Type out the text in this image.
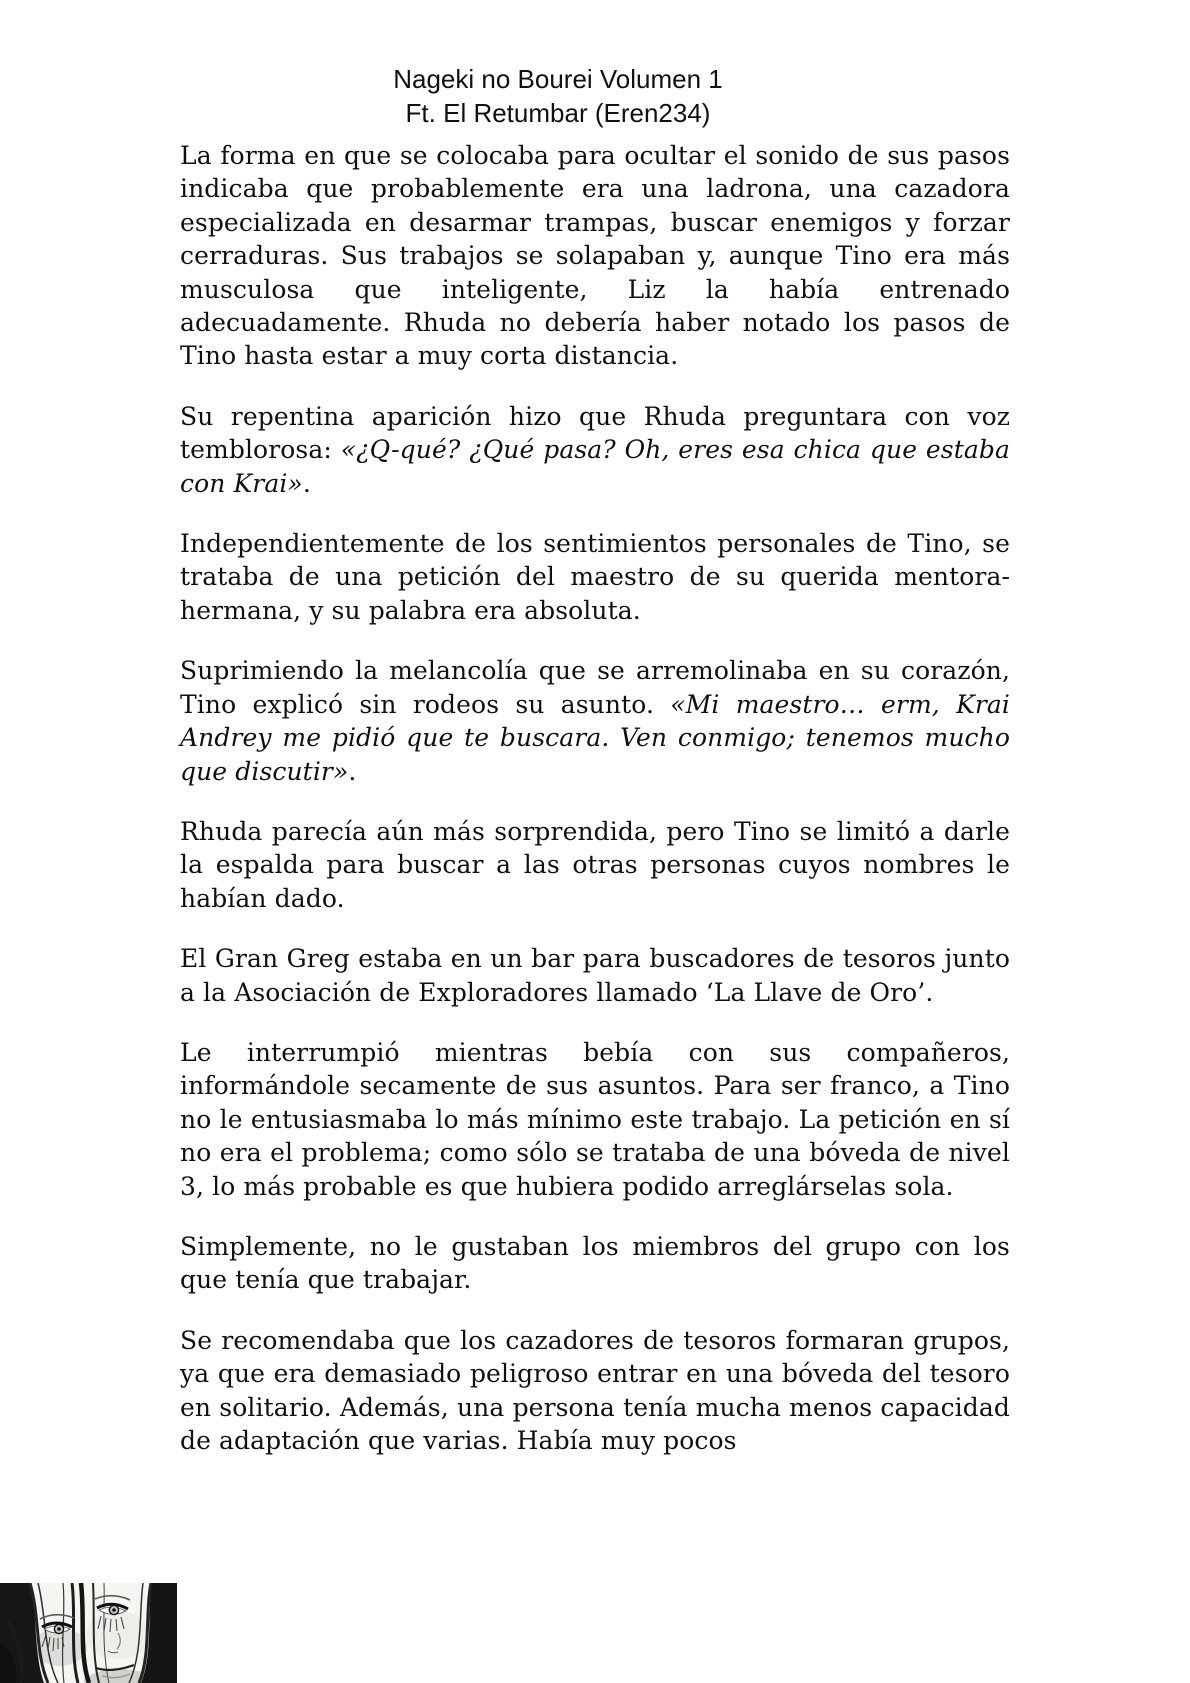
Nageki no Bourei Volumen 1
Ft. El Retumbar (Eren234)

La forma en que se colocaba para ocultar el sonido de sus pasos indicaba que probablemente era una ladrona, una cazadora especializada en desarmar trampas, buscar enemigos y forzar cerraduras. Sus trabajos se solapaban y, aunque Tino era más musculosa que inteligente, Liz la había entrenado adecuadamente. Rhuda no debería haber notado los pasos de Tino hasta estar a muy corta distancia.

Su repentina aparición hizo que Rhuda preguntara con voz temblorosa: «¿Q-qué? ¿Qué pasa? Oh, eres esa chica que estaba con Krai».

Independientemente de los sentimientos personales de Tino, se trataba de una petición del maestro de su querida mentora-hermana, y su palabra era absoluta.

Suprimiendo la melancolía que se arremolinaba en su corazón, Tino explicó sin rodeos su asunto. «Mi maestro… erm, Krai Andrey me pidió que te buscara. Ven conmigo; tenemos mucho que discutir».

Rhuda parecía aún más sorprendida, pero Tino se limitó a darle la espalda para buscar a las otras personas cuyos nombres le habían dado.

El Gran Greg estaba en un bar para buscadores de tesoros junto a la Asociación de Exploradores llamado ‘La Llave de Oro’.

Le interrumpió mientras bebía con sus compañeros, informándole secamente de sus asuntos. Para ser franco, a Tino no le entusiasmaba lo más mínimo este trabajo. La petición en sí no era el problema; como sólo se trataba de una bóveda de nivel 3, lo más probable es que hubiera podido arreglárselas sola.

Simplemente, no le gustaban los miembros del grupo con los que tenía que trabajar.

Se recomendaba que los cazadores de tesoros formaran grupos, ya que era demasiado peligroso entrar en una bóveda del tesoro en solitario. Además, una persona tenía mucha menos capacidad de adaptación que varias. Había muy pocos
